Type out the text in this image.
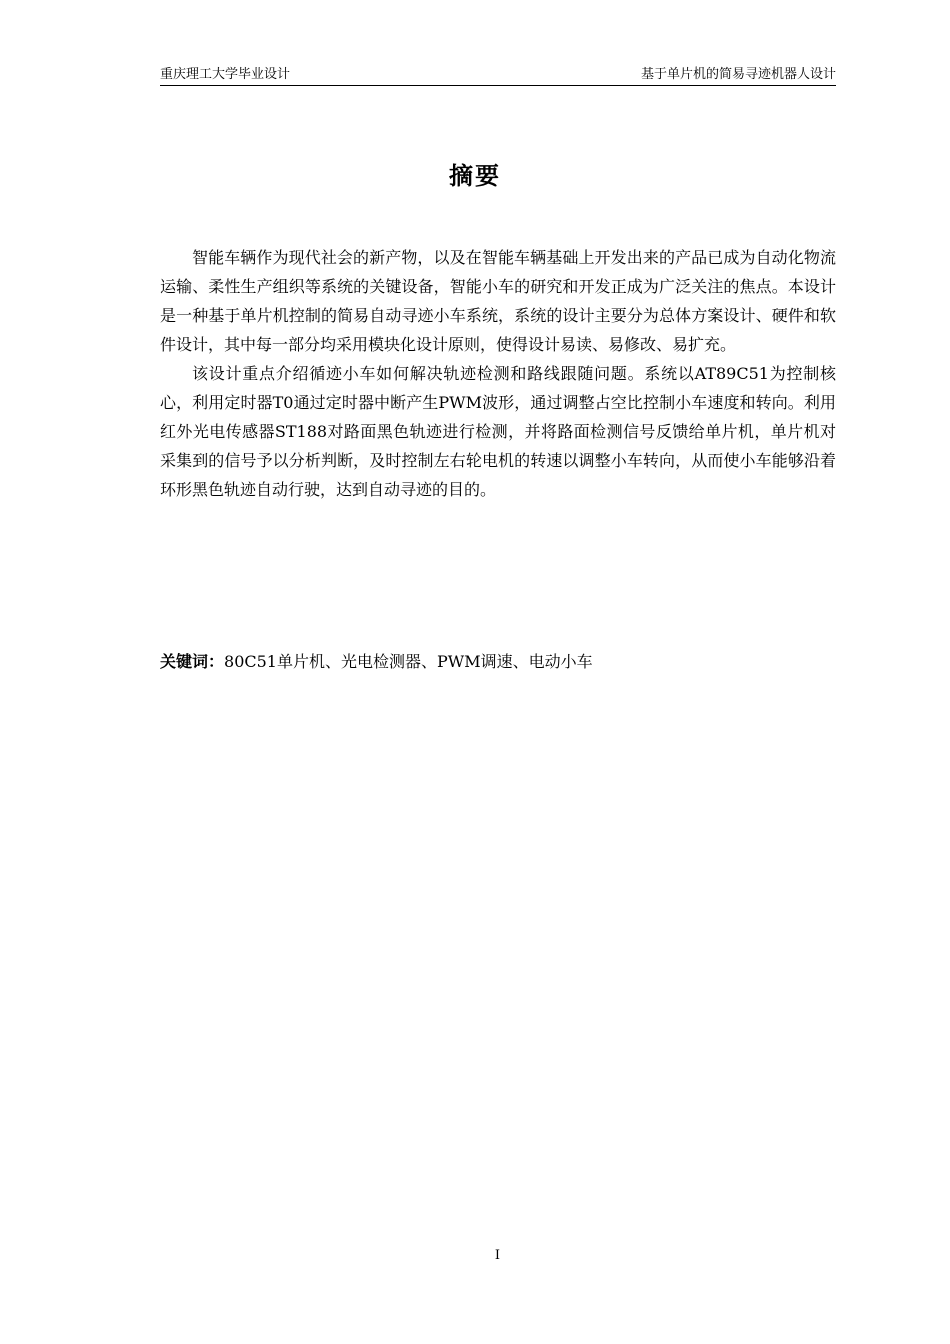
重庆理工大学毕业设计	基于单片机的简易寻迹机器人设计
摘要

智能车辆作为现代社会的新产物，以及在智能车辆基础上开发出来的产品已成为自动化物流运输、柔性生产组织等系统的关键设备，智能小车的研究和开发正成为广泛关注的焦点。本设计是一种基于单片机控制的简易自动寻迹小车系统，系统的设计主要分为总体方案设计、硬件和软件设计，其中每一部分均采用模块化设计原则，使得设计易读、易修改、易扩充。

该设计重点介绍循迹小车如何解决轨迹检测和路线跟随问题。系统以AT89C51为控制核心，利用定时器T0通过定时器中断产生PWM波形，通过调整占空比控制小车速度和转向。利用红外光电传感器ST188对路面黑色轨迹进行检测，并将路面检测信号反馈给单片机，单片机对采集到的信号予以分析判断，及时控制左右轮电机的转速以调整小车转向，从而使小车能够沿着环形黑色轨迹自动行驶，达到自动寻迹的目的。

关键词：80C51单片机、光电检测器、PWM调速、电动小车
I
